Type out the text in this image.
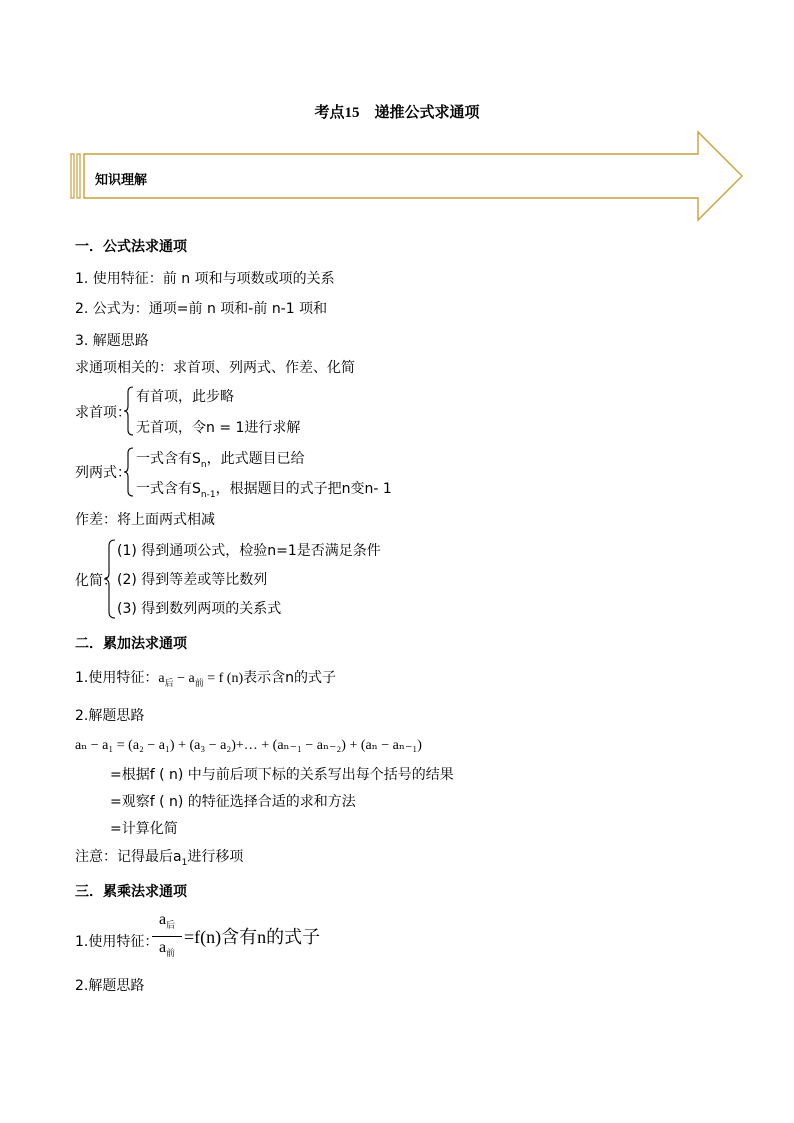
考点15　递推公式求通项
知识理解
一．公式法求通项
1. 使用特征：前 n 项和与项数或项的关系
2. 公式为：通项=前 n 项和-前 n-1 项和
3. 解题思路
求通项相关的：求首项、列两式、作差、化简
求首项：
有首项，此步略
无首项，令n = 1进行求解
列两式：
一式含有$S_n$，此式题目已给
一式含有$S_{n-1}$，根据题目的式子把n变n- 1
作差：将上面两式相减
化简：
(1) 得到通项公式，检验n=1是否满足条件
(2) 得到等差或等比数列
(3) 得到数列两项的关系式
二．累加法求通项
1.使用特征：$a_后 - a_前 = f$ (n)表示含n的式子
2.解题思路
aₙ − a₁ = (a₂ − a₁) + (a₃ − a₂)+… + (aₙ₋₁ − aₙ₋₂) + (aₙ − aₙ₋₁)
=根据f ( n) 中与前后项下标的关系写出每个括号的结果
=观察f ( n) 的特征选择合适的求和方法
=计算化简
注意：记得最后$a_1$进行移项
三．累乘法求通项
1.使用特征：
$a_后$
$a_前$
=f(n)含有n的式子
2.解题思路
